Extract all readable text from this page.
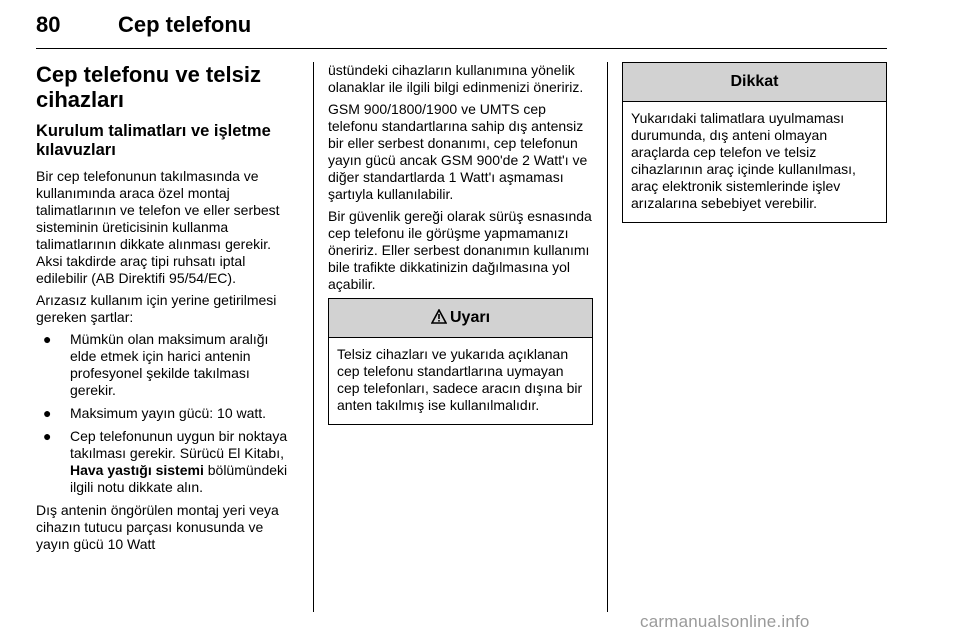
80	Cep telefonu
Cep telefonu ve telsiz cihazları
Kurulum talimatları ve işletme kılavuzları

Bir cep telefonunun takılmasında ve kullanımında araca özel montaj talimatlarının ve telefon ve eller serbest sisteminin üreticisinin kullanma talimatlarının dikkate alınması gerekir. Aksi takdirde araç tipi ruhsatı iptal edilebilir (AB Direktifi 95/54/EC).

Arızasız kullanım için yerine getirilmesi gereken şartlar:

● Mümkün olan maksimum aralığı elde etmek için harici antenin profesyonel şekilde takılması gerekir.
● Maksimum yayın gücü: 10 watt.
● Cep telefonunun uygun bir noktaya takılması gerekir. Sürücü El Kitabı, Hava yastığı sistemi bölümündeki ilgili notu dikkate alın.

Dış antenin öngörülen montaj yeri veya cihazın tutucu parçası konusunda ve yayın gücü 10 Watt

üstündeki cihazların kullanımına yönelik olanaklar ile ilgili bilgi edinmenizi öneririz.

GSM 900/1800/1900 ve UMTS cep telefonu standartlarına sahip dış antensiz bir eller serbest donanımı, cep telefonun yayın gücü ancak GSM 900'de 2 Watt'ı ve diğer standartlarda 1 Watt'ı aşmaması şartıyla kullanılabilir.

Bir güvenlik gereği olarak sürüş esnasında cep telefonu ile görüşme yapmamanızı öneririz. Eller serbest donanımın kullanımı bile trafikte dikkatinizin dağılmasına yol açabilir.

Uyarı

Telsiz cihazları ve yukarıda açıklanan cep telefonu standartlarına uymayan cep telefonları, sadece aracın dışına bir anten takılmış ise kullanılmalıdır.

Dikkat

Yukarıdaki talimatlara uyulmaması durumunda, dış anteni olmayan araçlarda cep telefon ve telsiz cihazlarının araç içinde kullanılması, araç elektronik sistemlerinde işlev arızalarına sebebiyet verebilir.

carmanualsonline.info
